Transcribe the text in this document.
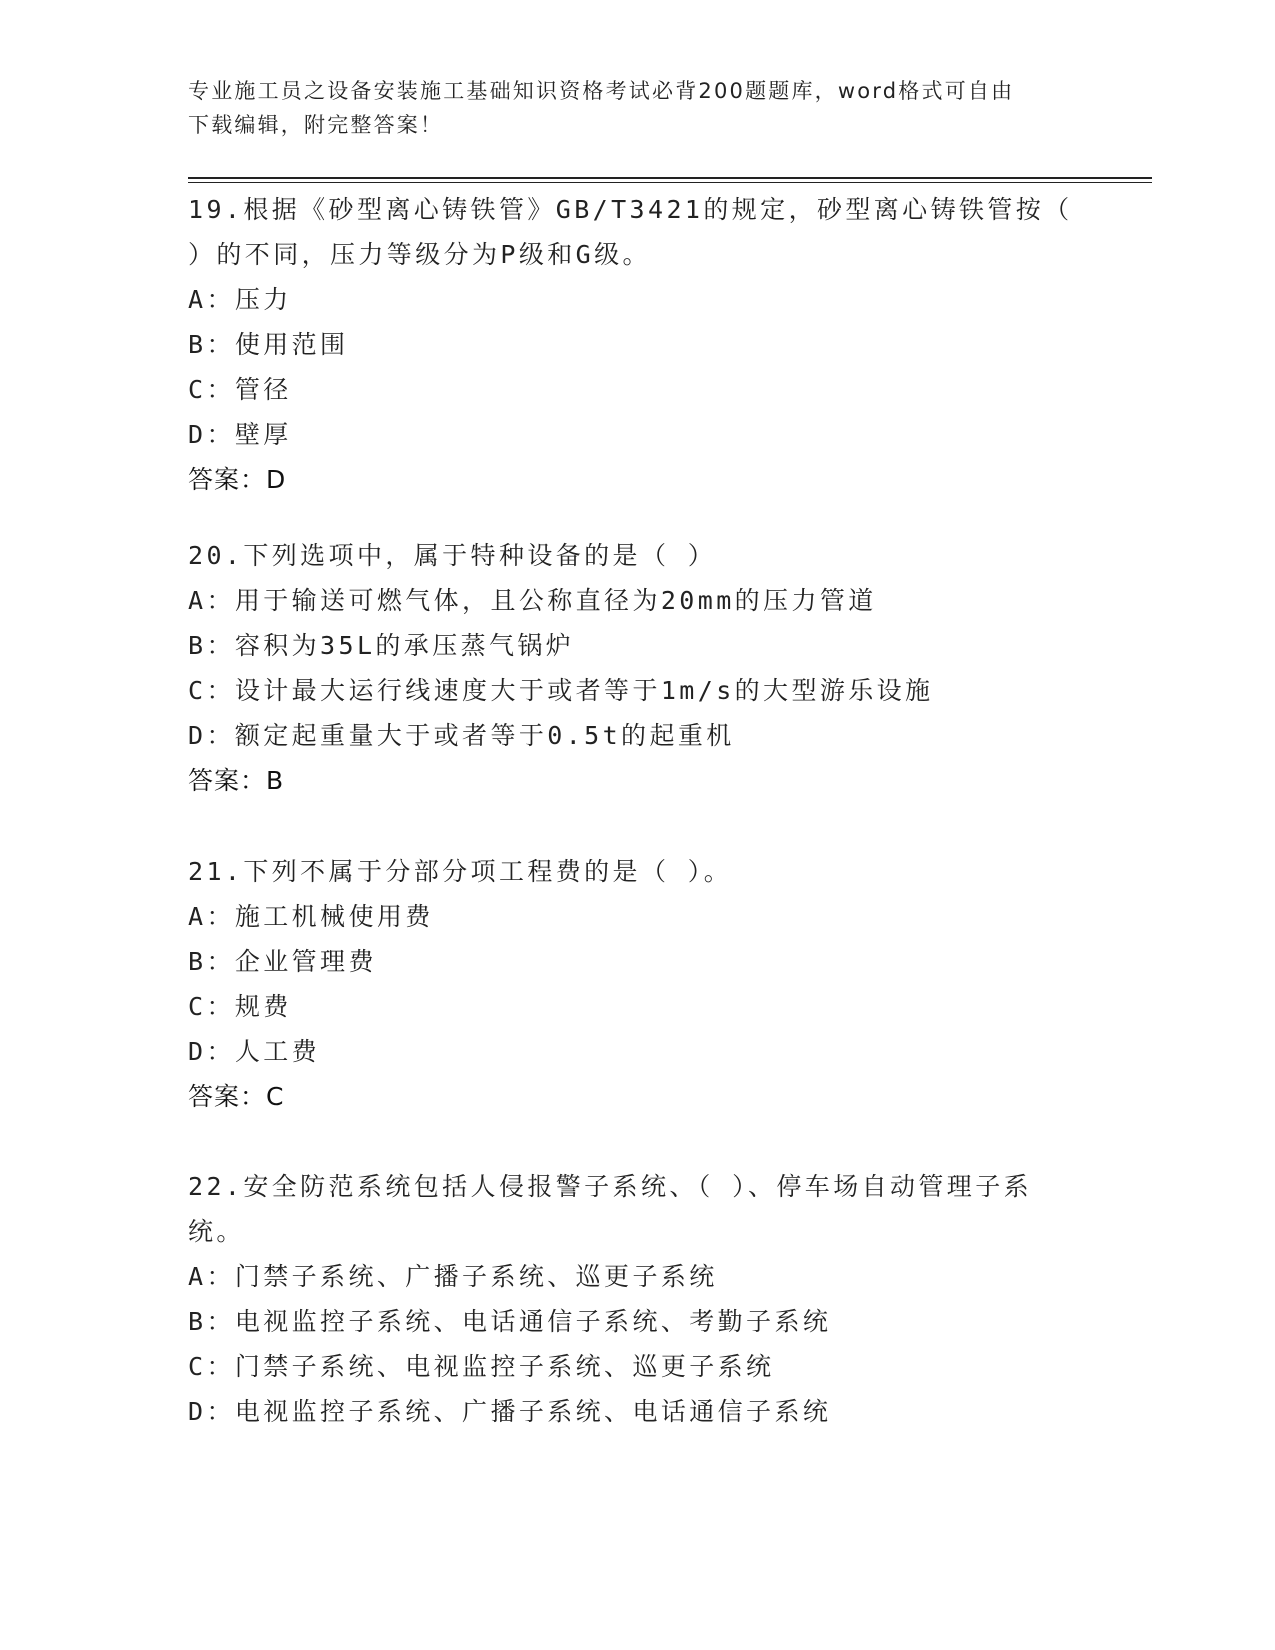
专业施工员之设备安装施工基础知识资格考试必背200题题库，word格式可自由
下载编辑，附完整答案！
19.根据《砂型离心铸铁管》GB/T3421的规定，砂型离心铸铁管按（
）的不同，压力等级分为P级和G级。
A：压力
B：使用范围
C：管径
D：壁厚
答案：D
20.下列选项中，属于特种设备的是（ ）
A：用于输送可燃气体，且公称直径为20mm的压力管道
B：容积为35L的承压蒸气锅炉
C：设计最大运行线速度大于或者等于1m/s的大型游乐设施
D：额定起重量大于或者等于0.5t的起重机
答案：B
21.下列不属于分部分项工程费的是（ ）。
A：施工机械使用费
B：企业管理费
C：规费
D：人工费
答案：C
22.安全防范系统包括人侵报警子系统、（ ）、停车场自动管理子系
统。
A：门禁子系统、广播子系统、巡更子系统
B：电视监控子系统、电话通信子系统、考勤子系统
C：门禁子系统、电视监控子系统、巡更子系统
D：电视监控子系统、广播子系统、电话通信子系统
